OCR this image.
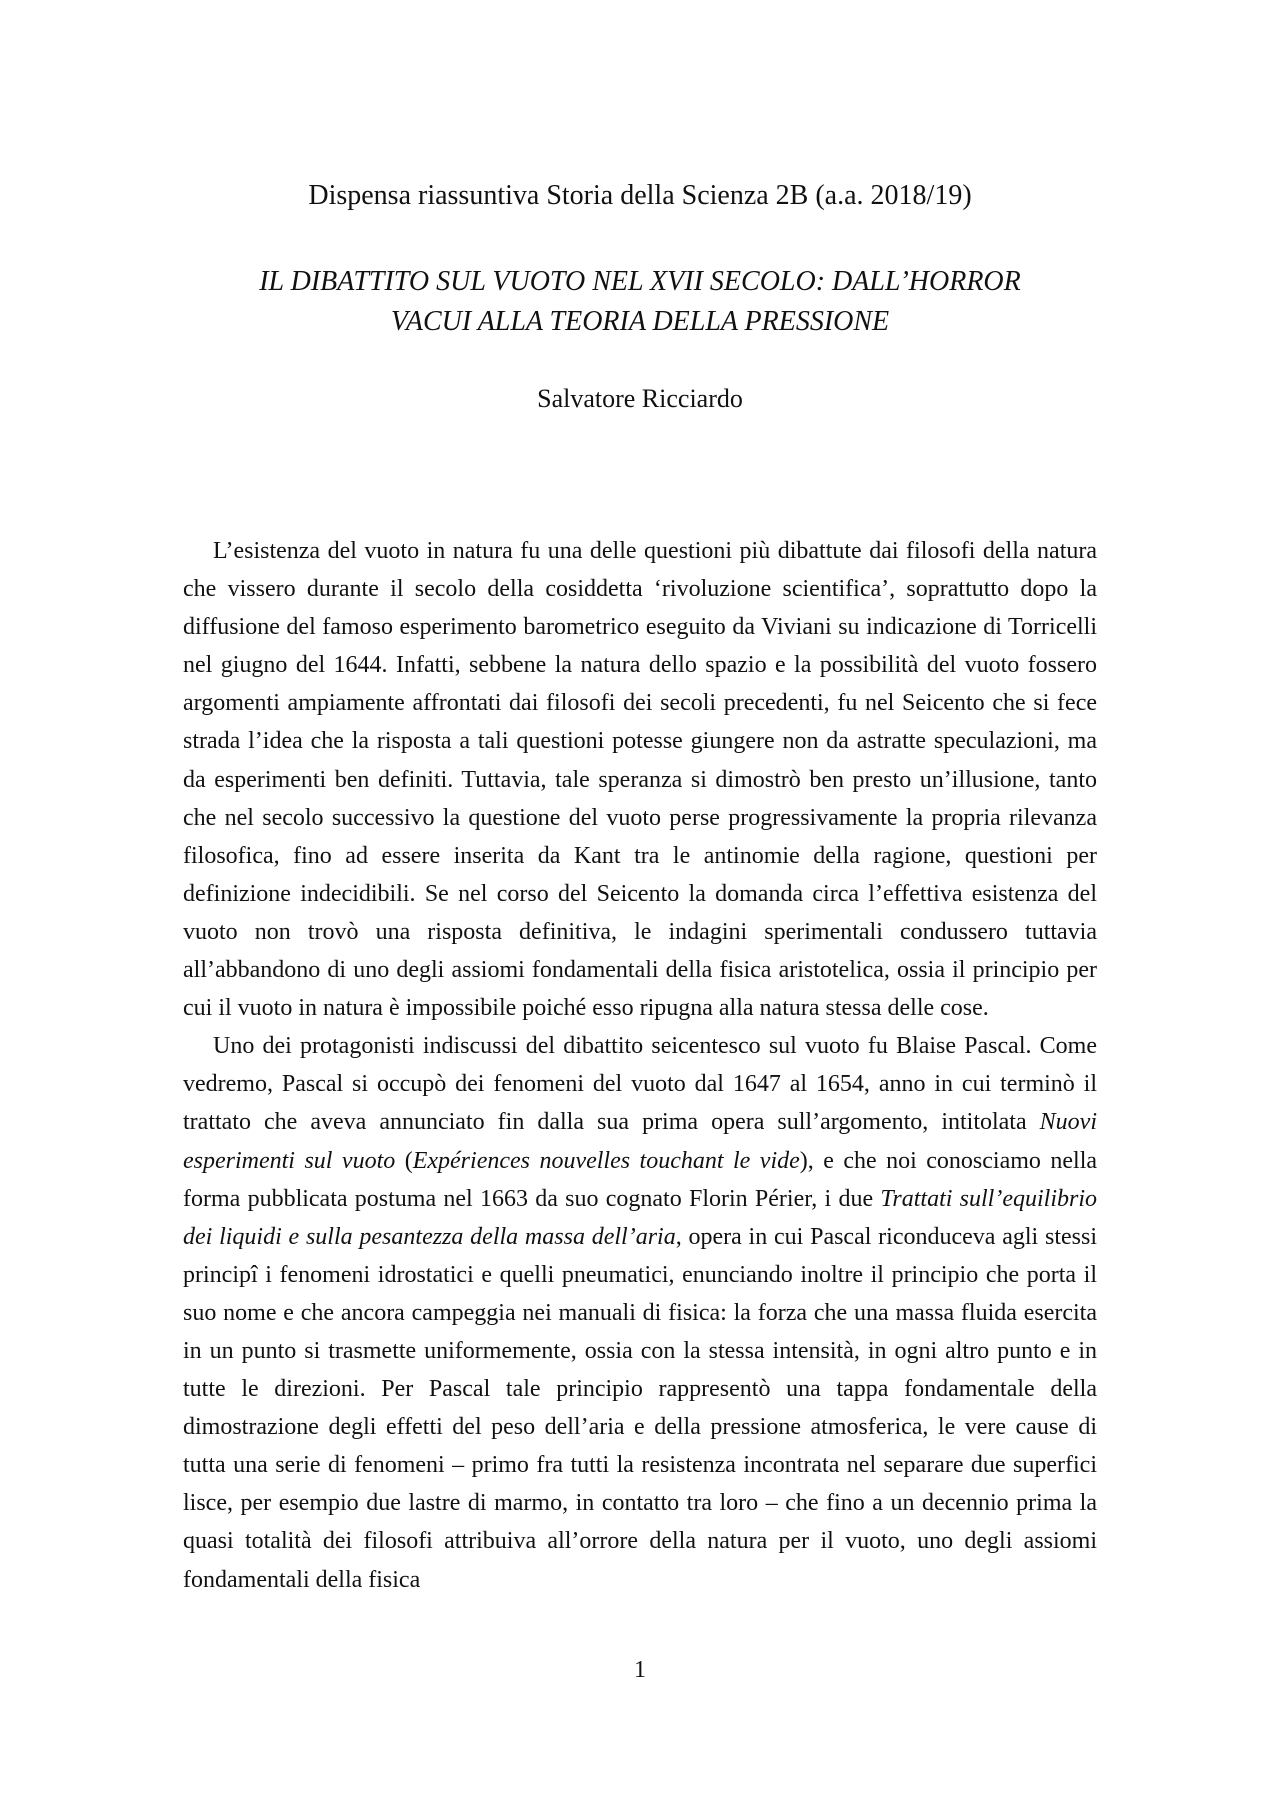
Dispensa riassuntiva Storia della Scienza 2B (a.a. 2018/19)
IL DIBATTITO SUL VUOTO NEL XVII SECOLO: DALL’HORROR
VACUI ALLA TEORIA DELLA PRESSIONE
Salvatore Ricciardo

L’esistenza del vuoto in natura fu una delle questioni più dibattute dai filosofi della natura che vissero durante il secolo della cosiddetta ‘rivoluzione scientifica’, soprattutto dopo la diffusione del famoso esperimento barometrico eseguito da Viviani su indicazione di Torricelli nel giugno del 1644. Infatti, sebbene la natura dello spazio e la possibilità del vuoto fossero argomenti ampiamente affrontati dai filosofi dei secoli precedenti, fu nel Seicento che si fece strada l’idea che la risposta a tali questioni potesse giungere non da astratte speculazioni, ma da esperimenti ben definiti. Tuttavia, tale speranza si dimostrò ben presto un’illusione, tanto che nel secolo successivo la questione del vuoto perse progressivamente la propria rilevanza filosofica, fino ad essere inserita da Kant tra le antinomie della ragione, questioni per definizione indecidibili. Se nel corso del Seicento la domanda circa l’effettiva esistenza del vuoto non trovò una risposta definitiva, le indagini sperimentali condussero tuttavia all’abbandono di uno degli assiomi fondamentali della fisica aristotelica, ossia il principio per cui il vuoto in natura è impossibile poiché esso ripugna alla natura stessa delle cose.

Uno dei protagonisti indiscussi del dibattito seicentesco sul vuoto fu Blaise Pascal. Come vedremo, Pascal si occupò dei fenomeni del vuoto dal 1647 al 1654, anno in cui terminò il trattato che aveva annunciato fin dalla sua prima opera sull’argomento, intitolata Nuovi esperimenti sul vuoto (Expériences nouvelles touchant le vide), e che noi conosciamo nella forma pubblicata postuma nel 1663 da suo cognato Florin Périer, i due Trattati sull’equilibrio dei liquidi e sulla pesantezza della massa dell’aria, opera in cui Pascal riconduceva agli stessi principî i fenomeni idrostatici e quelli pneumatici, enunciando inoltre il principio che porta il suo nome e che ancora campeggia nei manuali di fisica: la forza che una massa fluida esercita in un punto si trasmette uniformemente, ossia con la stessa intensità, in ogni altro punto e in tutte le direzioni. Per Pascal tale principio rappresentò una tappa fondamentale della dimostrazione degli effetti del peso dell’aria e della pressione atmosferica, le vere cause di tutta una serie di fenomeni – primo fra tutti la resistenza incontrata nel separare due superfici lisce, per esempio due lastre di marmo, in contatto tra loro – che fino a un decennio prima la quasi totalità dei filosofi attribuiva all’orrore della natura per il vuoto, uno degli assiomi fondamentali della fisica

1
